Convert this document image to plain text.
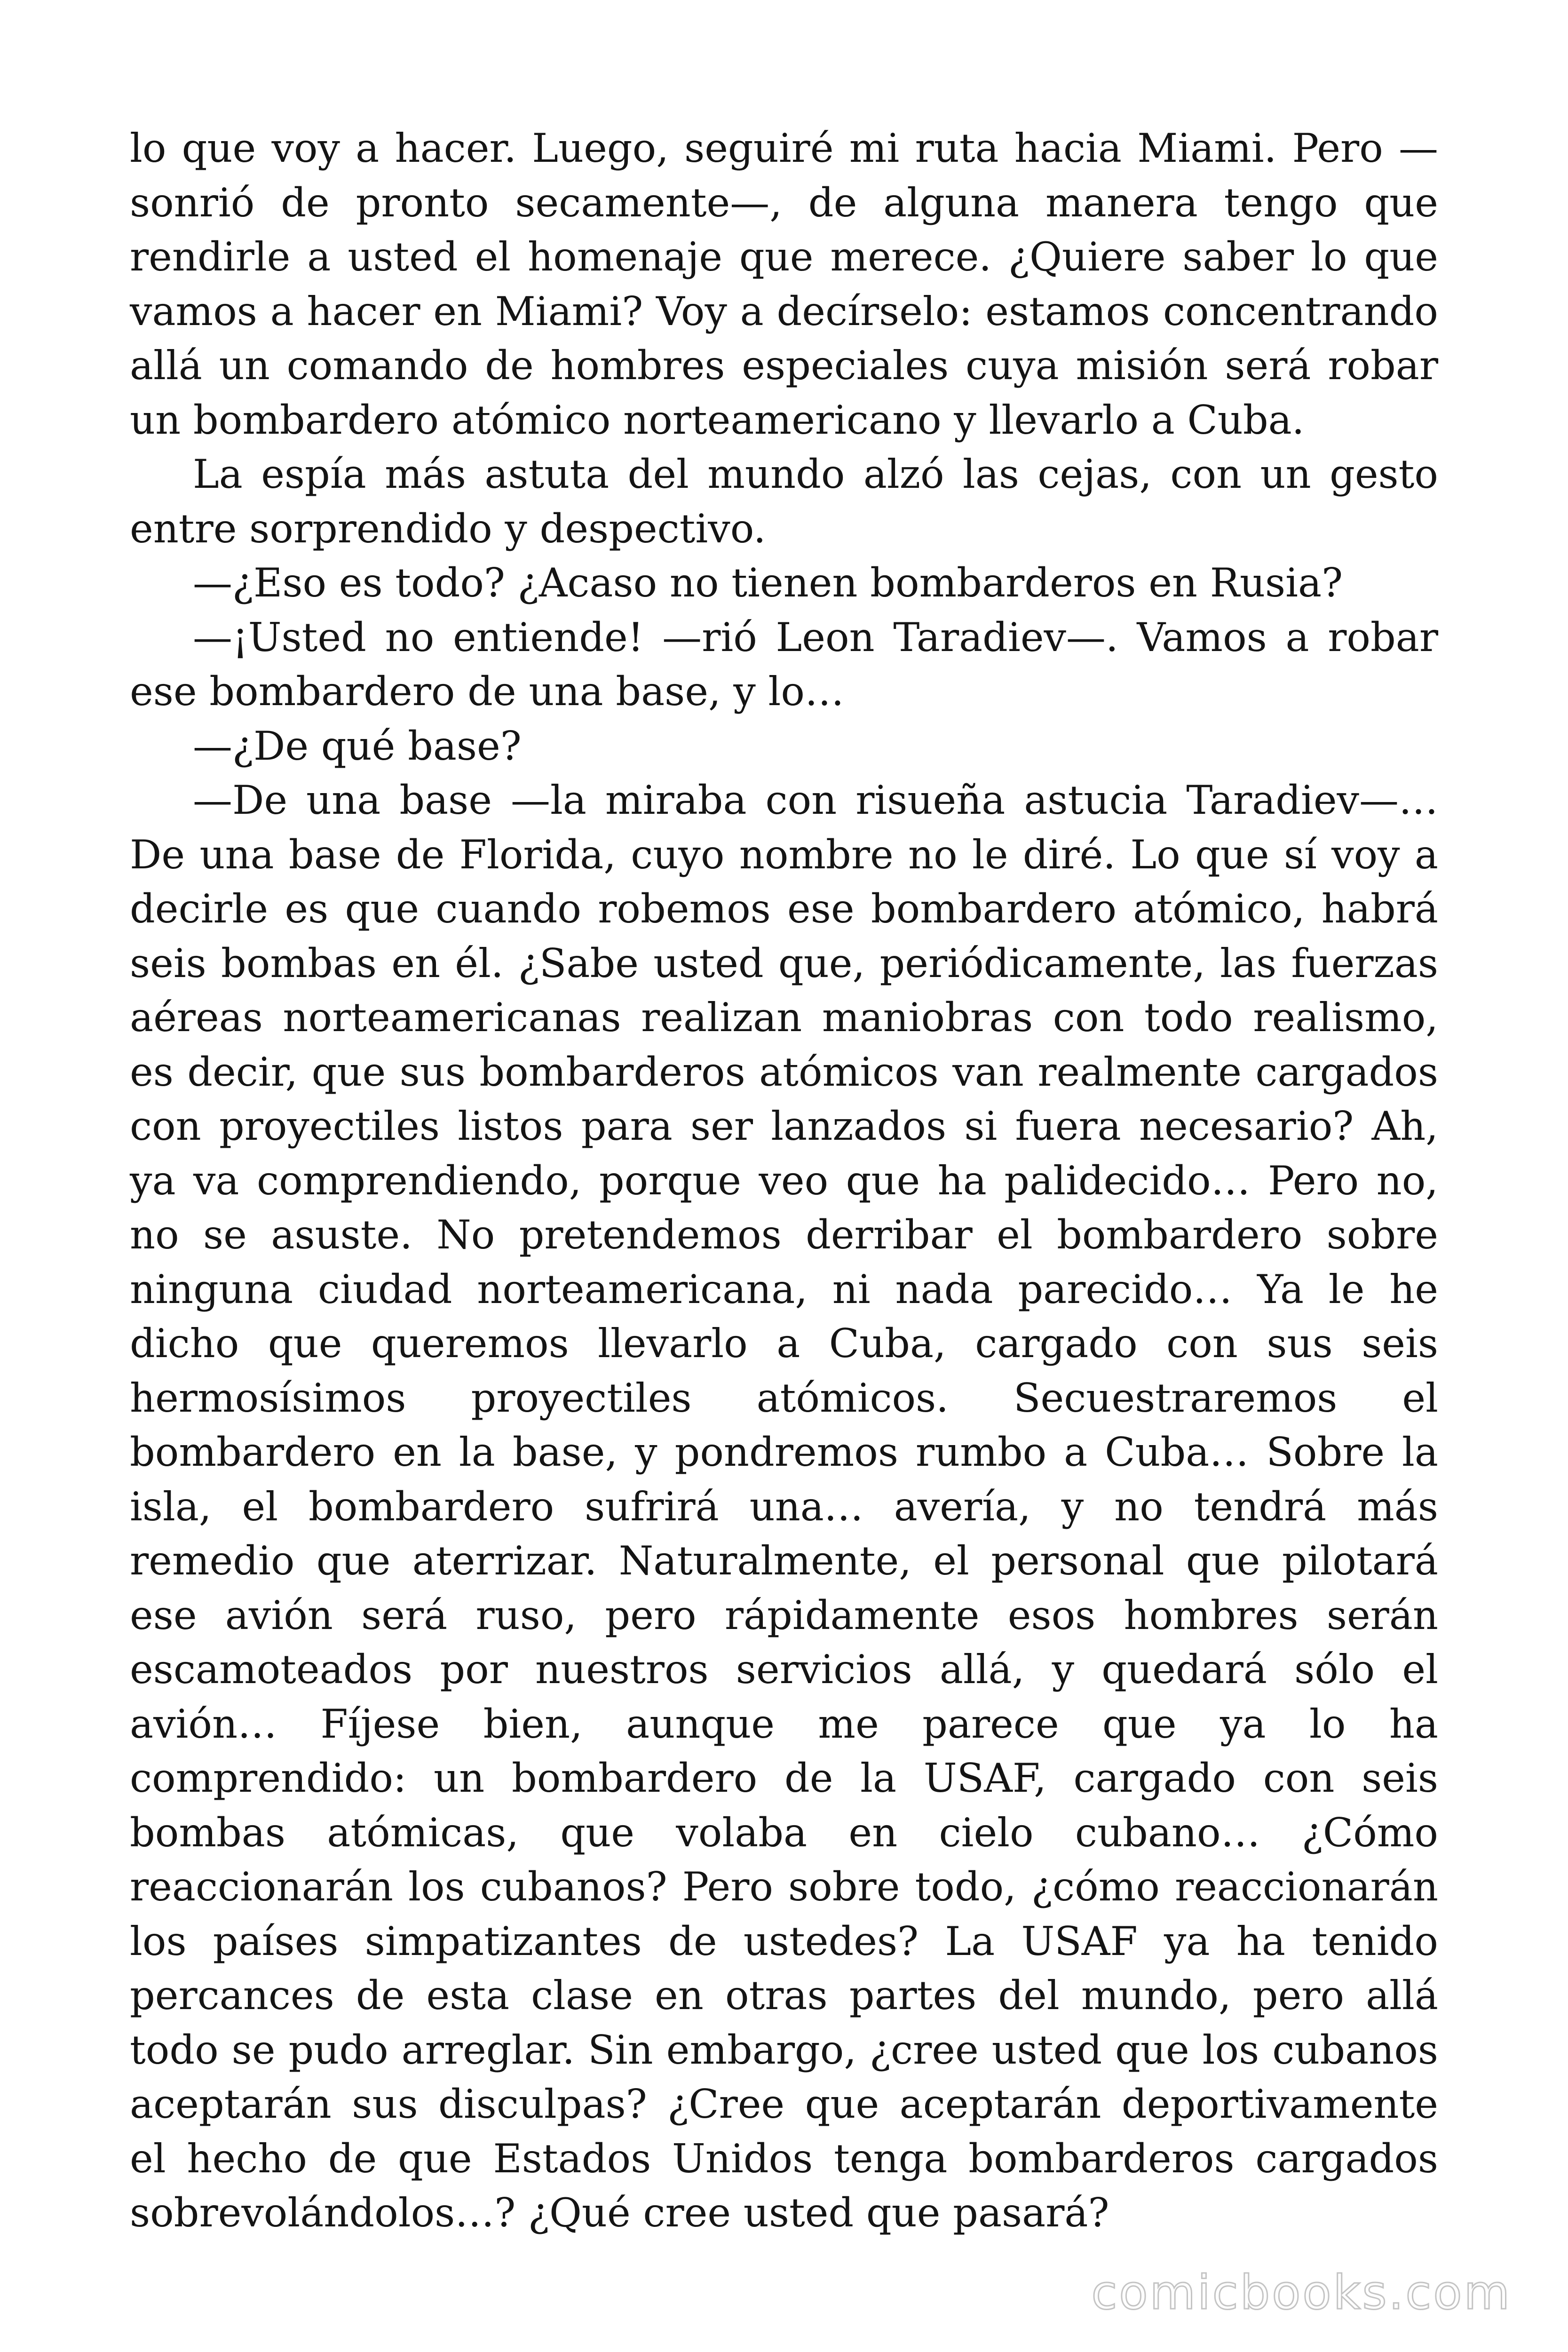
lo que voy a hacer. Luego, seguiré mi ruta hacia Miami. Pero —sonrió de pronto secamente—, de alguna manera tengo que rendirle a usted el homenaje que merece. ¿Quiere saber lo que vamos a hacer en Miami? Voy a decírselo: estamos concentrando allá un comando de hombres especiales cuya misión será robar un bombardero atómico norteamericano y llevarlo a Cuba.

La espía más astuta del mundo alzó las cejas, con un gesto entre sorprendido y despectivo.

—¿Eso es todo? ¿Acaso no tienen bombarderos en Rusia?

—¡Usted no entiende! —rió Leon Taradiev—. Vamos a robar ese bombardero de una base, y lo…

—¿De qué base?

—De una base —la miraba con risueña astucia Taradiev—… De una base de Florida, cuyo nombre no le diré. Lo que sí voy a decirle es que cuando robemos ese bombardero atómico, habrá seis bombas en él. ¿Sabe usted que, periódicamente, las fuerzas aéreas norteamericanas realizan maniobras con todo realismo, es decir, que sus bombarderos atómicos van realmente cargados con proyectiles listos para ser lanzados si fuera necesario? Ah, ya va comprendiendo, porque veo que ha palidecido… Pero no, no se asuste. No pretendemos derribar el bombardero sobre ninguna ciudad norteamericana, ni nada parecido… Ya le he dicho que queremos llevarlo a Cuba, cargado con sus seis hermosísimos proyectiles atómicos. Secuestraremos el bombardero en la base, y pondremos rumbo a Cuba… Sobre la isla, el bombardero sufrirá una… avería, y no tendrá más remedio que aterrizar. Naturalmente, el personal que pilotará ese avión será ruso, pero rápidamente esos hombres serán escamoteados por nuestros servicios allá, y quedará sólo el avión… Fíjese bien, aunque me parece que ya lo ha comprendido: un bombardero de la USAF, cargado con seis bombas atómicas, que volaba en cielo cubano… ¿Cómo reaccionarán los cubanos? Pero sobre todo, ¿cómo reaccionarán los países simpatizantes de ustedes? La USAF ya ha tenido percances de esta clase en otras partes del mundo, pero allá todo se pudo arreglar. Sin embargo, ¿cree usted que los cubanos aceptarán sus disculpas? ¿Cree que aceptarán deportivamente el hecho de que Estados Unidos tenga bombarderos cargados sobrevolándolos…? ¿Qué cree usted que pasará?

comicbooks.com
